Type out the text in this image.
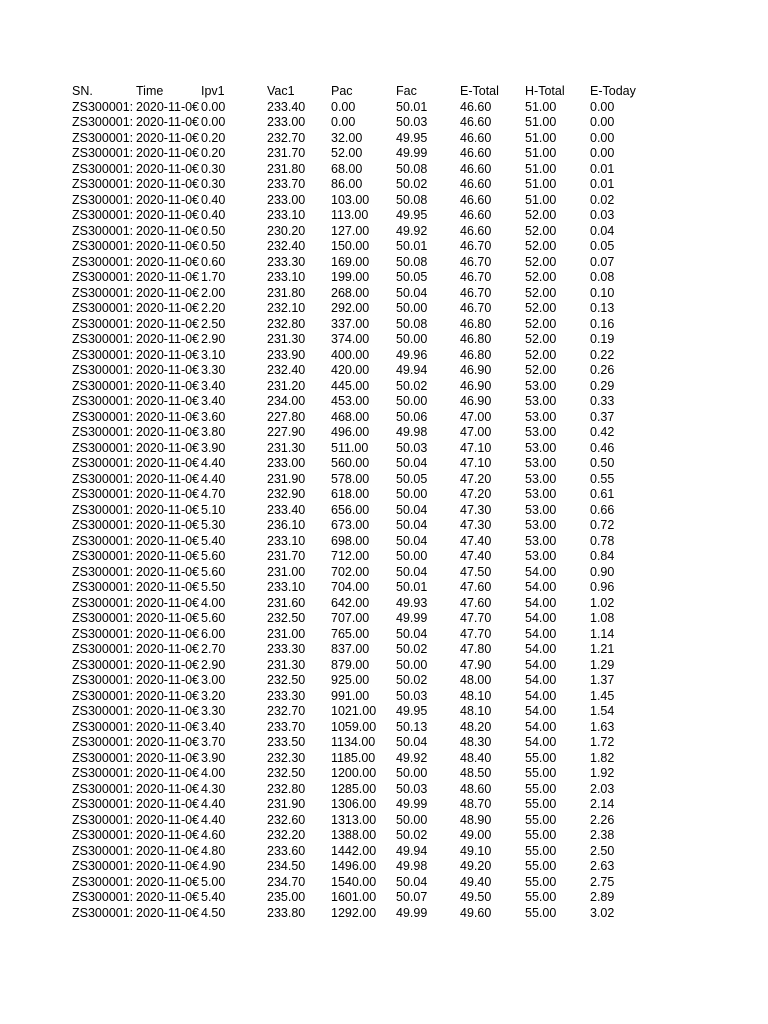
SN.	Time	Ipv1	Vac1	Pac	Fac	E-Total	H-Total	E-Today
ZS300001: 2020-11-0€ 0.00	233.40	0.00	50.01	46.60	51.00	0.00
ZS300001: 2020-11-0€ 0.00	233.00	0.00	50.03	46.60	51.00	0.00
ZS300001: 2020-11-0€ 0.20	232.70	32.00	49.95	46.60	51.00	0.00
ZS300001: 2020-11-0€ 0.20	231.70	52.00	49.99	46.60	51.00	0.00
ZS300001: 2020-11-0€ 0.30	231.80	68.00	50.08	46.60	51.00	0.01
ZS300001: 2020-11-0€ 0.30	233.70	86.00	50.02	46.60	51.00	0.01
ZS300001: 2020-11-0€ 0.40	233.00	103.00	50.08	46.60	51.00	0.02
ZS300001: 2020-11-0€ 0.40	233.10	113.00	49.95	46.60	52.00	0.03
ZS300001: 2020-11-0€ 0.50	230.20	127.00	49.92	46.60	52.00	0.04
ZS300001: 2020-11-0€ 0.50	232.40	150.00	50.01	46.70	52.00	0.05
ZS300001: 2020-11-0€ 0.60	233.30	169.00	50.08	46.70	52.00	0.07
ZS300001: 2020-11-0€ 1.70	233.10	199.00	50.05	46.70	52.00	0.08
ZS300001: 2020-11-0€ 2.00	231.80	268.00	50.04	46.70	52.00	0.10
ZS300001: 2020-11-0€ 2.20	232.10	292.00	50.00	46.70	52.00	0.13
ZS300001: 2020-11-0€ 2.50	232.80	337.00	50.08	46.80	52.00	0.16
ZS300001: 2020-11-0€ 2.90	231.30	374.00	50.00	46.80	52.00	0.19
ZS300001: 2020-11-0€ 3.10	233.90	400.00	49.96	46.80	52.00	0.22
ZS300001: 2020-11-0€ 3.30	232.40	420.00	49.94	46.90	52.00	0.26
ZS300001: 2020-11-0€ 3.40	231.20	445.00	50.02	46.90	53.00	0.29
ZS300001: 2020-11-0€ 3.40	234.00	453.00	50.00	46.90	53.00	0.33
ZS300001: 2020-11-0€ 3.60	227.80	468.00	50.06	47.00	53.00	0.37
ZS300001: 2020-11-0€ 3.80	227.90	496.00	49.98	47.00	53.00	0.42
ZS300001: 2020-11-0€ 3.90	231.30	511.00	50.03	47.10	53.00	0.46
ZS300001: 2020-11-0€ 4.40	233.00	560.00	50.04	47.10	53.00	0.50
ZS300001: 2020-11-0€ 4.40	231.90	578.00	50.05	47.20	53.00	0.55
ZS300001: 2020-11-0€ 4.70	232.90	618.00	50.00	47.20	53.00	0.61
ZS300001: 2020-11-0€ 5.10	233.40	656.00	50.04	47.30	53.00	0.66
ZS300001: 2020-11-0€ 5.30	236.10	673.00	50.04	47.30	53.00	0.72
ZS300001: 2020-11-0€ 5.40	233.10	698.00	50.04	47.40	53.00	0.78
ZS300001: 2020-11-0€ 5.60	231.70	712.00	50.00	47.40	53.00	0.84
ZS300001: 2020-11-0€ 5.60	231.00	702.00	50.04	47.50	54.00	0.90
ZS300001: 2020-11-0€ 5.50	233.10	704.00	50.01	47.60	54.00	0.96
ZS300001: 2020-11-0€ 4.00	231.60	642.00	49.93	47.60	54.00	1.02
ZS300001: 2020-11-0€ 5.60	232.50	707.00	49.99	47.70	54.00	1.08
ZS300001: 2020-11-0€ 6.00	231.00	765.00	50.04	47.70	54.00	1.14
ZS300001: 2020-11-0€ 2.70	233.30	837.00	50.02	47.80	54.00	1.21
ZS300001: 2020-11-0€ 2.90	231.30	879.00	50.00	47.90	54.00	1.29
ZS300001: 2020-11-0€ 3.00	232.50	925.00	50.02	48.00	54.00	1.37
ZS300001: 2020-11-0€ 3.20	233.30	991.00	50.03	48.10	54.00	1.45
ZS300001: 2020-11-0€ 3.30	232.70	1021.00	49.95	48.10	54.00	1.54
ZS300001: 2020-11-0€ 3.40	233.70	1059.00	50.13	48.20	54.00	1.63
ZS300001: 2020-11-0€ 3.70	233.50	1134.00	50.04	48.30	54.00	1.72
ZS300001: 2020-11-0€ 3.90	232.30	1185.00	49.92	48.40	55.00	1.82
ZS300001: 2020-11-0€ 4.00	232.50	1200.00	50.00	48.50	55.00	1.92
ZS300001: 2020-11-0€ 4.30	232.80	1285.00	50.03	48.60	55.00	2.03
ZS300001: 2020-11-0€ 4.40	231.90	1306.00	49.99	48.70	55.00	2.14
ZS300001: 2020-11-0€ 4.40	232.60	1313.00	50.00	48.90	55.00	2.26
ZS300001: 2020-11-0€ 4.60	232.20	1388.00	50.02	49.00	55.00	2.38
ZS300001: 2020-11-0€ 4.80	233.60	1442.00	49.94	49.10	55.00	2.50
ZS300001: 2020-11-0€ 4.90	234.50	1496.00	49.98	49.20	55.00	2.63
ZS300001: 2020-11-0€ 5.00	234.70	1540.00	50.04	49.40	55.00	2.75
ZS300001: 2020-11-0€ 5.40	235.00	1601.00	50.07	49.50	55.00	2.89
ZS300001: 2020-11-0€ 4.50	233.80	1292.00	49.99	49.60	55.00	3.02
